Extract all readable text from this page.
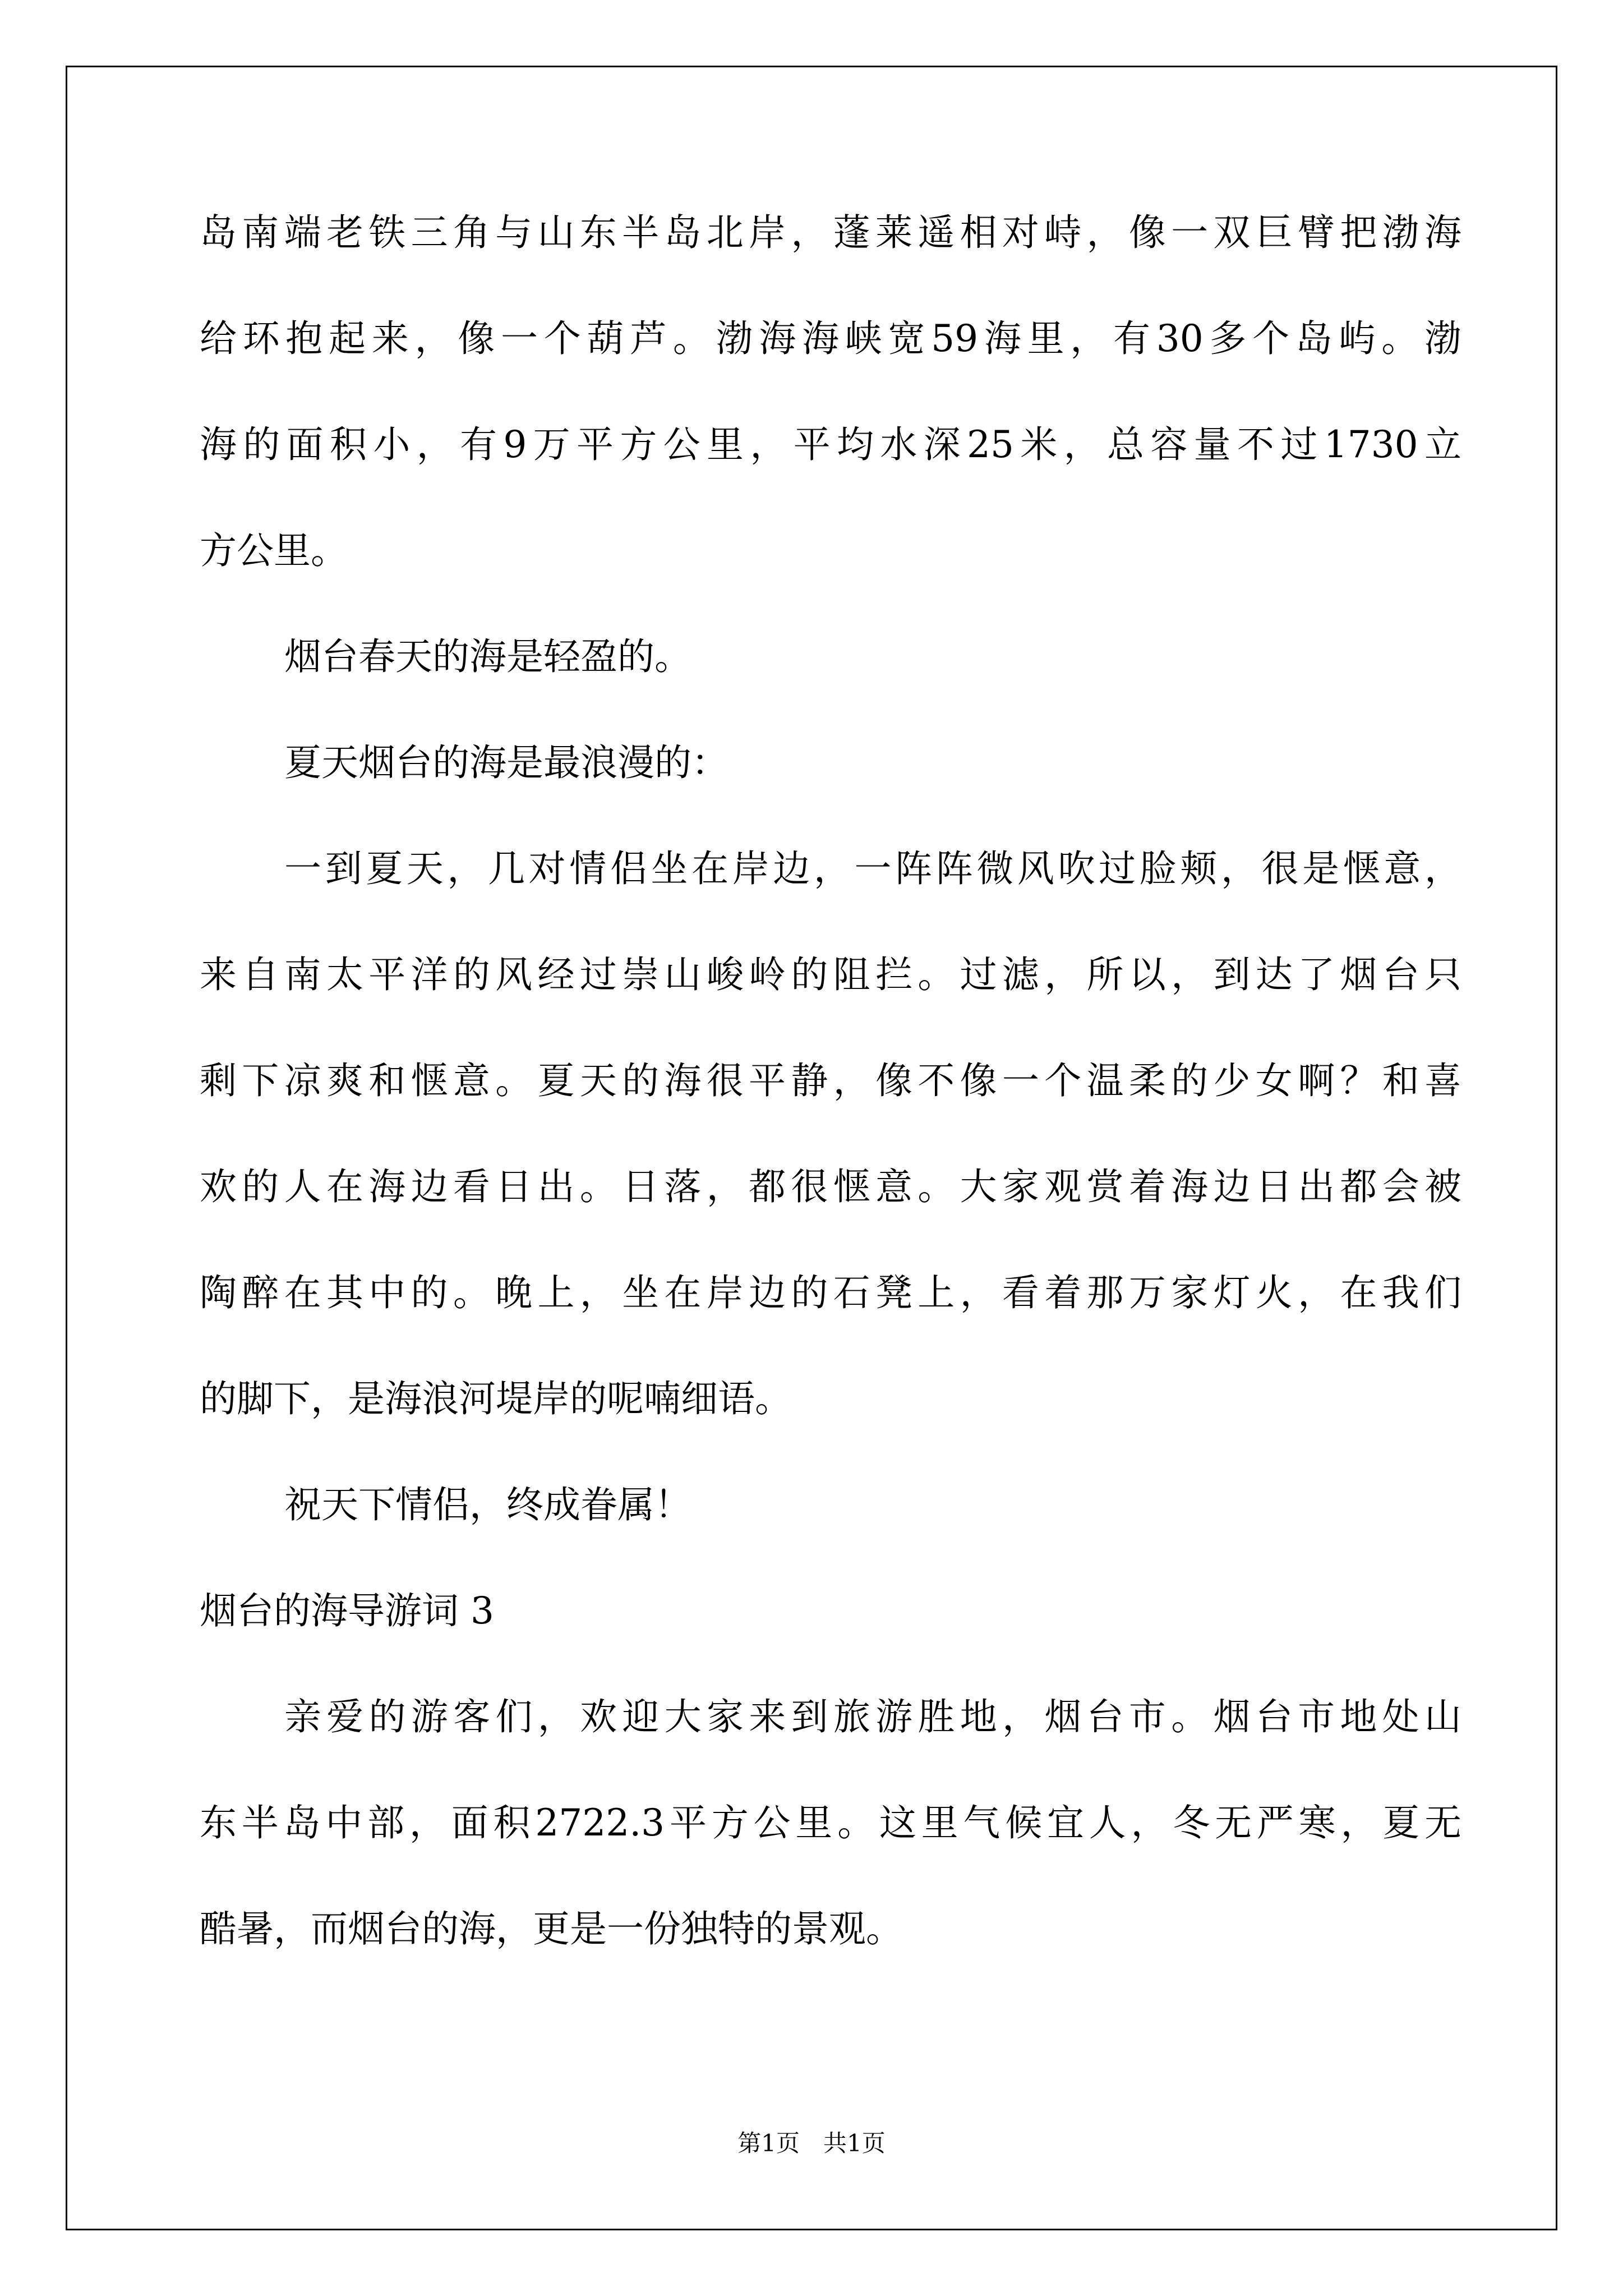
岛南端老铁三角与山东半岛北岸，蓬莱遥相对峙，像一双巨臂把渤海
给环抱起来，像一个葫芦。渤海海峡宽59海里，有30多个岛屿。渤
海的面积小，有9万平方公里，平均水深25米，总容量不过1730立
方公里。
烟台春天的海是轻盈的。
夏天烟台的海是最浪漫的：
一到夏天，几对情侣坐在岸边，一阵阵微风吹过脸颊，很是惬意，
来自南太平洋的风经过崇山峻岭的阻拦。过滤，所以，到达了烟台只
剩下凉爽和惬意。夏天的海很平静，像不像一个温柔的少女啊？和喜
欢的人在海边看日出。日落，都很惬意。大家观赏着海边日出都会被
陶醉在其中的。晚上，坐在岸边的石凳上，看着那万家灯火，在我们
的脚下，是海浪河堤岸的呢喃细语。
祝天下情侣，终成眷属！
烟台的海导游词 3
亲爱的游客们，欢迎大家来到旅游胜地，烟台市。烟台市地处山
东半岛中部，面积2722.3平方公里。这里气候宜人，冬无严寒，夏无
酷暑，而烟台的海，更是一份独特的景观。
第1页　共1页
